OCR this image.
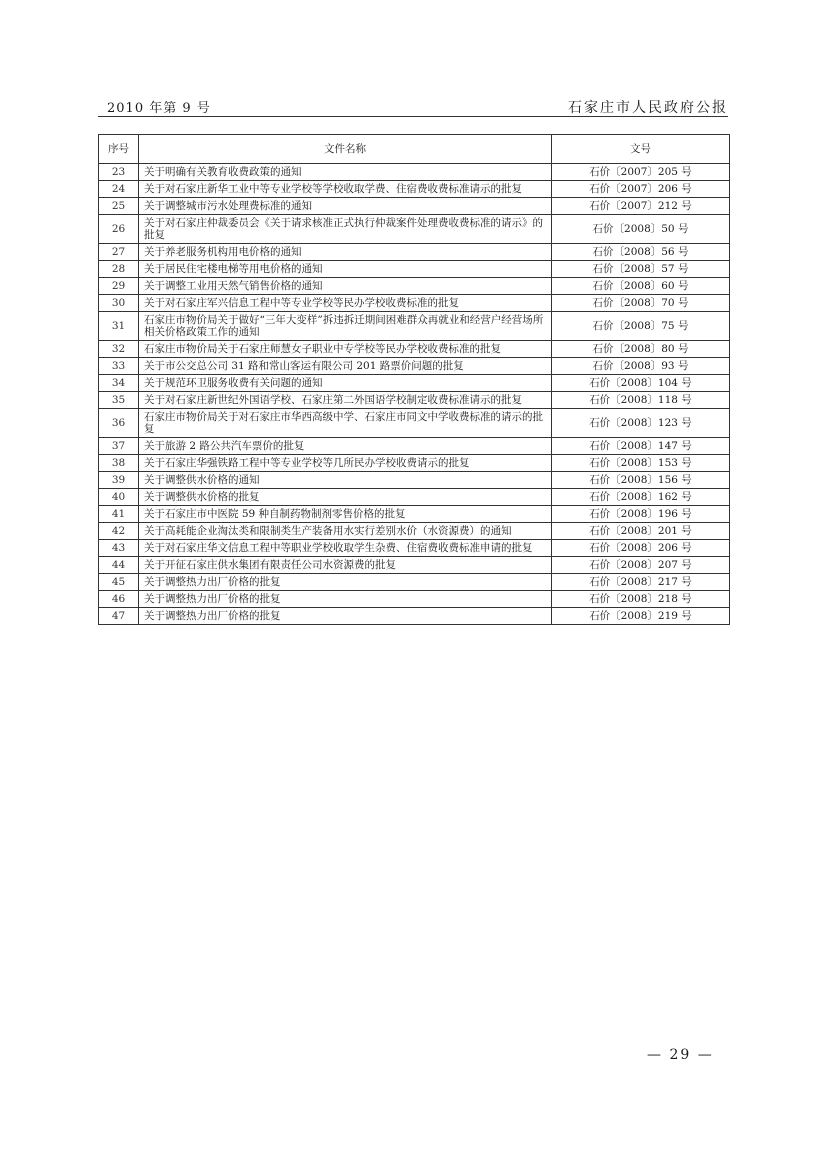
2010 年第 9 号	石家庄市人民政府公报
序号	文件名称	文号
23	关于明确有关教育收费政策的通知	石价〔2007〕205 号
24	关于对石家庄新华工业中等专业学校等学校收取学费、住宿费收费标准请示的批复	石价〔2007〕206 号
25	关于调整城市污水处理费标准的通知	石价〔2007〕212 号
26	关于对石家庄仲裁委员会《关于请求核准正式执行仲裁案件处理费收费标准的请示》的批复	石价〔2008〕50 号
27	关于养老服务机构用电价格的通知	石价〔2008〕56 号
28	关于居民住宅楼电梯等用电价格的通知	石价〔2008〕57 号
29	关于调整工业用天然气销售价格的通知	石价〔2008〕60 号
30	关于对石家庄军兴信息工程中等专业学校等民办学校收费标准的批复	石价〔2008〕70 号
31	石家庄市物价局关于做好“三年大变样”拆违拆迁期间困难群众再就业和经营户经营场所相关价格政策工作的通知	石价〔2008〕75 号
32	石家庄市物价局关于石家庄师慧女子职业中专学校等民办学校收费标准的批复	石价〔2008〕80 号
33	关于市公交总公司 31 路和常山客运有限公司 201 路票价问题的批复	石价〔2008〕93 号
34	关于规范环卫服务收费有关问题的通知	石价〔2008〕104 号
35	关于对石家庄新世纪外国语学校、石家庄第二外国语学校制定收费标准请示的批复	石价〔2008〕118 号
36	石家庄市物价局关于对石家庄市华西高级中学、石家庄市同文中学收费标准的请示的批复	石价〔2008〕123 号
37	关于旅游 2 路公共汽车票价的批复	石价〔2008〕147 号
38	关于石家庄华强铁路工程中等专业学校等几所民办学校收费请示的批复	石价〔2008〕153 号
39	关于调整供水价格的通知	石价〔2008〕156 号
40	关于调整供水价格的批复	石价〔2008〕162 号
41	关于石家庄市中医院 59 种自制药物制剂零售价格的批复	石价〔2008〕196 号
42	关于高耗能企业淘汰类和限制类生产装备用水实行差别水价（水资源费）的通知	石价〔2008〕201 号
43	关于对石家庄华文信息工程中等职业学校收取学生杂费、住宿费收费标准申请的批复	石价〔2008〕206 号
44	关于开征石家庄供水集团有限责任公司水资源费的批复	石价〔2008〕207 号
45	关于调整热力出厂价格的批复	石价〔2008〕217 号
46	关于调整热力出厂价格的批复	石价〔2008〕218 号
47	关于调整热力出厂价格的批复	石价〔2008〕219 号
— 29 —
